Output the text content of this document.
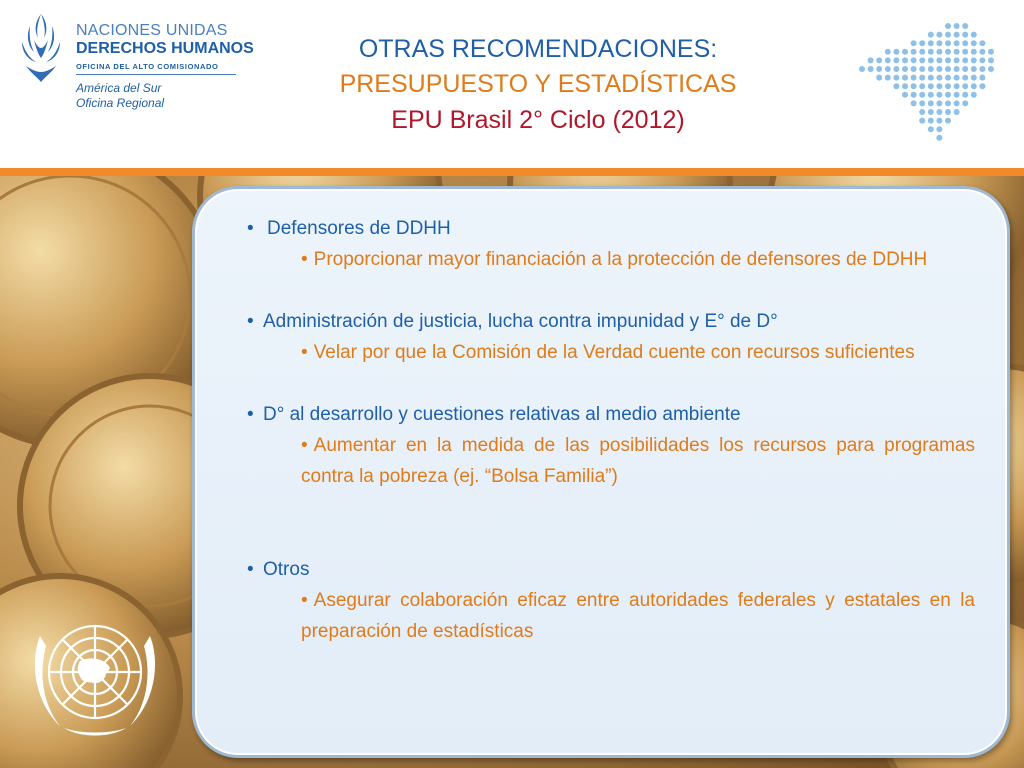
NACIONES UNIDAS
DERECHOS HUMANOS
OFICINA DEL ALTO COMISIONADO
América del Sur
Oficina Regional
OTRAS RECOMENDACIONES:
PRESUPUESTO Y ESTADÍSTICAS
EPU Brasil 2° Ciclo (2012)
• Defensores de DDHH
• Proporcionar mayor financiación a la protección de defensores de DDHH
• Administración de justicia, lucha contra impunidad y E° de D°
• Velar por que la Comisión de la Verdad cuente con recursos suficientes
• D° al desarrollo y cuestiones relativas al medio ambiente
• Aumentar en la medida de las posibilidades los recursos para programas contra la pobreza (ej. “Bolsa Familia”)
• Otros
• Asegurar colaboración eficaz entre autoridades federales y estatales en la preparación de estadísticas
